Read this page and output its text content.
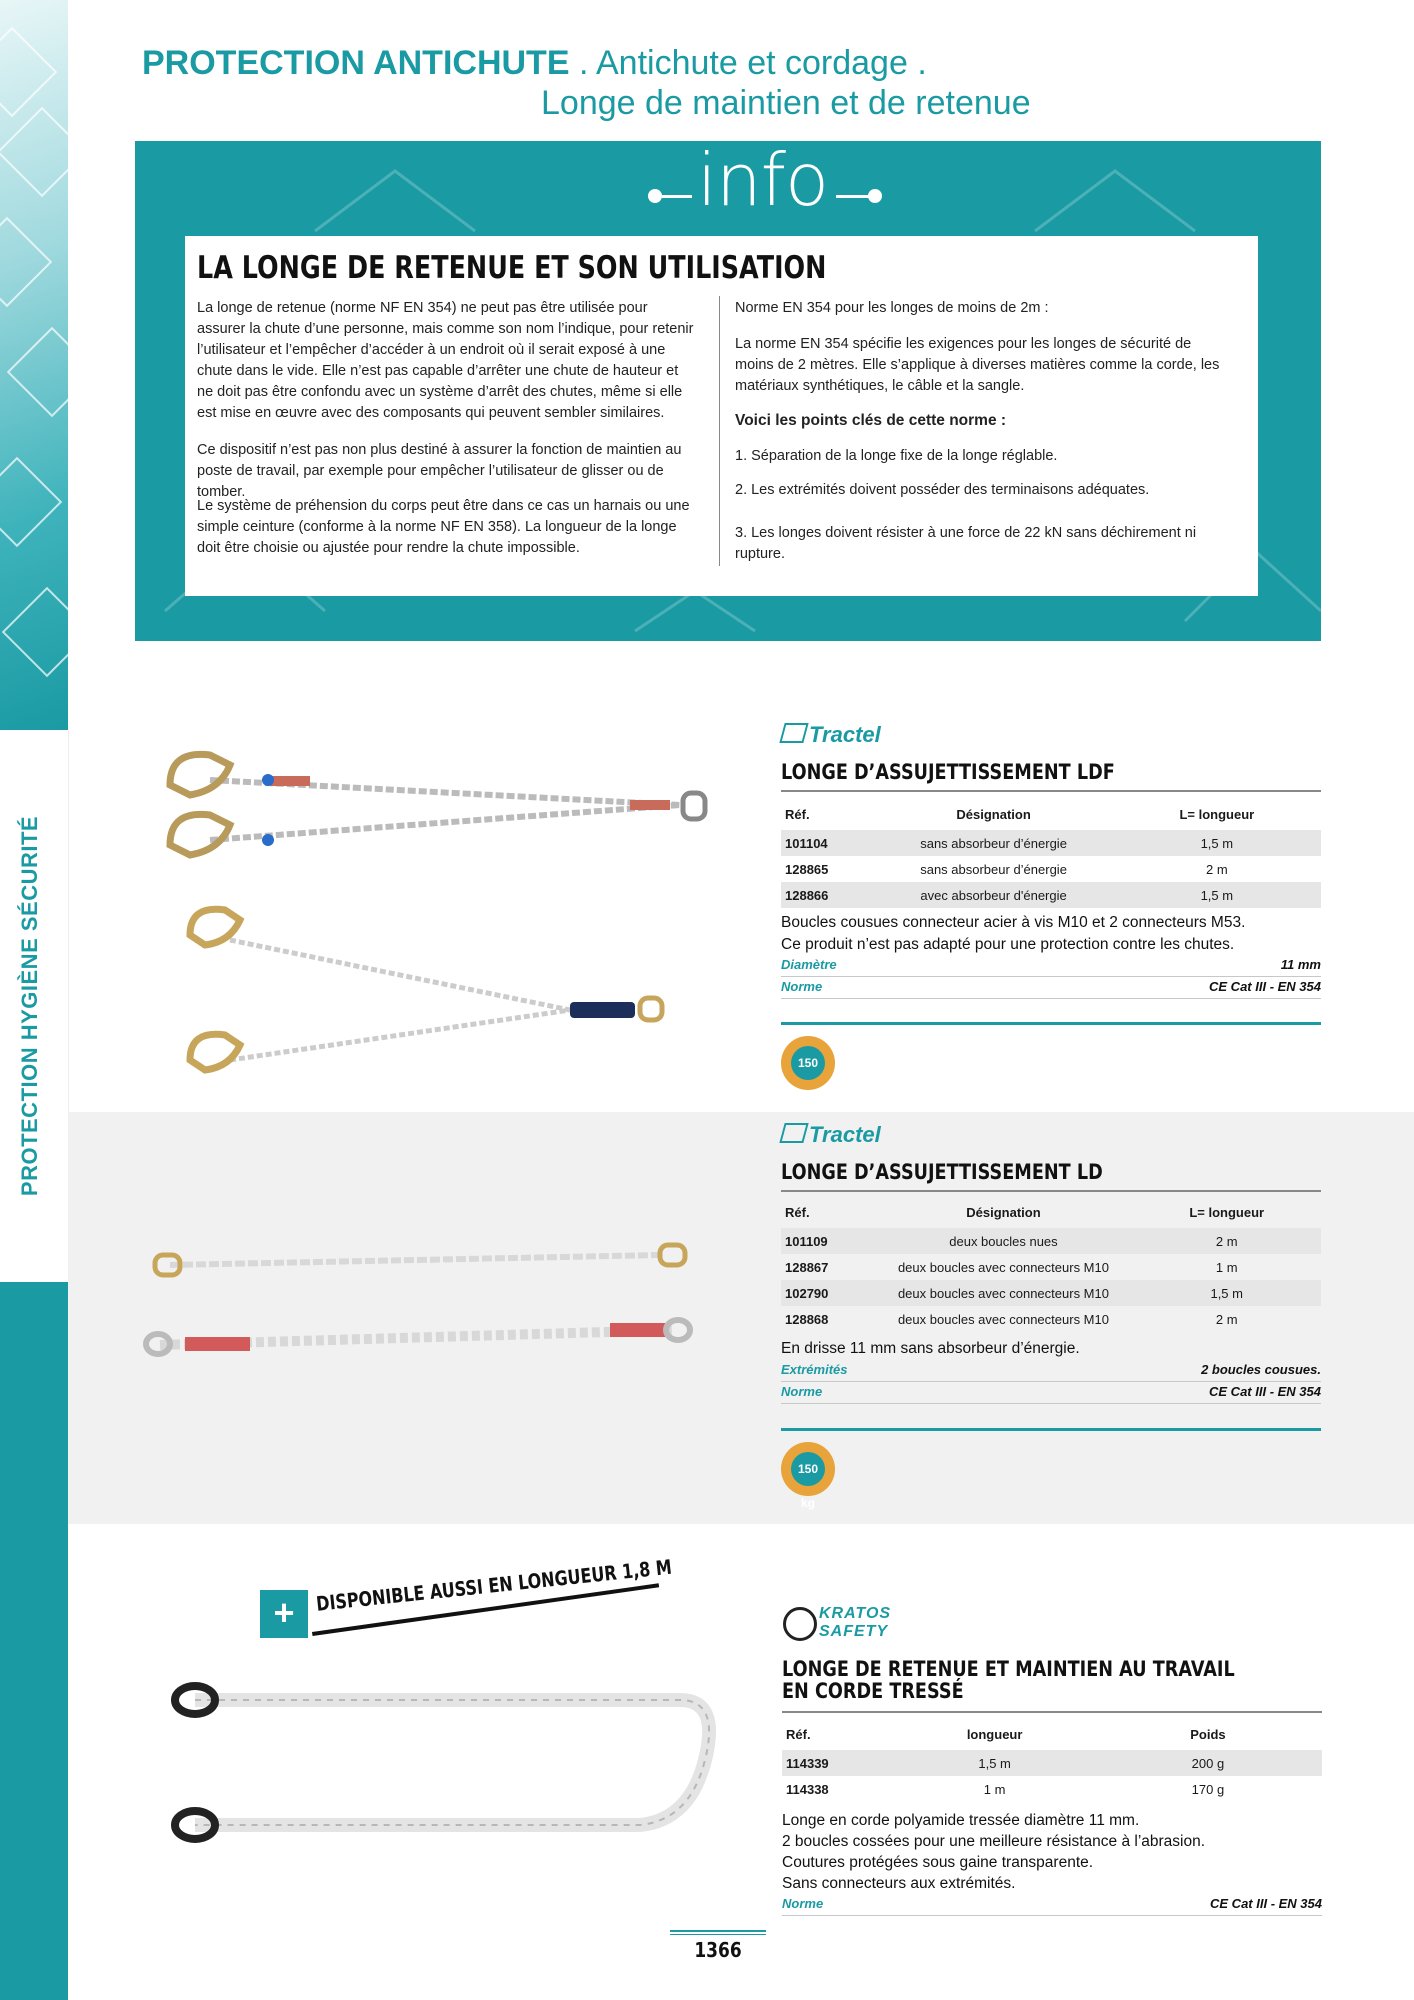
PROTECTION HYGIÈNE SÉCURITÉ
PROTECTION ANTICHUTE . Antichute et cordage .
Longe de maintien et de retenue
info
LA LONGE DE RETENUE ET SON UTILISATION
La longe de retenue (norme NF EN 354) ne peut pas être utilisée pour assurer la chute d’une personne, mais comme son nom l’indique, pour retenir l’utilisateur et l’empêcher d’accéder à un endroit où il serait exposé à une chute dans le vide. Elle n’est pas capable d’arrêter une chute de hauteur et ne doit pas être confondu avec un système d’arrêt des chutes, même si elle est mise en œuvre avec des composants qui peuvent sembler similaires.
Ce dispositif n’est pas non plus destiné à assurer la fonction de maintien au poste de travail, par exemple pour empêcher l’utilisateur de glisser ou de tomber.
Le système de préhension du corps peut être dans ce cas un harnais ou une simple ceinture (conforme à la norme NF EN 358). La longueur de la longe doit être choisie ou ajustée pour rendre la chute impossible.
Norme EN 354 pour les longes de moins de 2m :
La norme EN 354 spécifie les exigences pour les longes de sécurité de moins de 2 mètres. Elle s’applique à diverses matières comme la corde, les matériaux synthétiques, le câble et la sangle.
Voici les points clés de cette norme :
1. Séparation de la longe fixe de la longe réglable.
2. Les extrémités doivent posséder des terminaisons adéquates.
3. Les longes doivent résister à une force de 22 kN sans déchirement ni rupture.
Tractel
LONGE D’ASSUJETTISSEMENT LDF
Réf.	Désignation	L= longueur
101104	sans absorbeur d’énergie	1,5 m
128865	sans absorbeur d’énergie	2 m
128866	avec absorbeur d'énergie	1,5 m
Boucles cousues connecteur acier à vis M10 et 2 connecteurs M53.
Ce produit n’est pas adapté pour une protection contre les chutes.
Diamètre	11 mm
Norme	CE Cat III - EN 354
150 kg
Tractel
LONGE D’ASSUJETTISSEMENT LD
Réf.	Désignation	L= longueur
101109	deux boucles nues	2 m
128867	deux boucles avec connecteurs M10	1 m
102790	deux boucles avec connecteurs M10	1,5 m
128868	deux boucles avec connecteurs M10	2 m
En drisse 11 mm sans absorbeur d’énergie.
Extrémités	2 boucles cousues.
Norme	CE Cat III - EN 354
150 kg
+	DISPONIBLE AUSSI EN LONGUEUR 1,8 M	KRATOS SAFETY
LONGE DE RETENUE ET MAINTIEN AU TRAVAIL EN CORDE TRESSÉ
Réf.	longueur	Poids
114339	1,5 m	200 g
114338	1 m	170 g
Longe en corde polyamide tressée diamètre 11 mm.
2 boucles cossées pour une meilleure résistance à l’abrasion.
Coutures protégées sous gaine transparente.
Sans connecteurs aux extrémités.
Norme	CE Cat III - EN 354
1366
